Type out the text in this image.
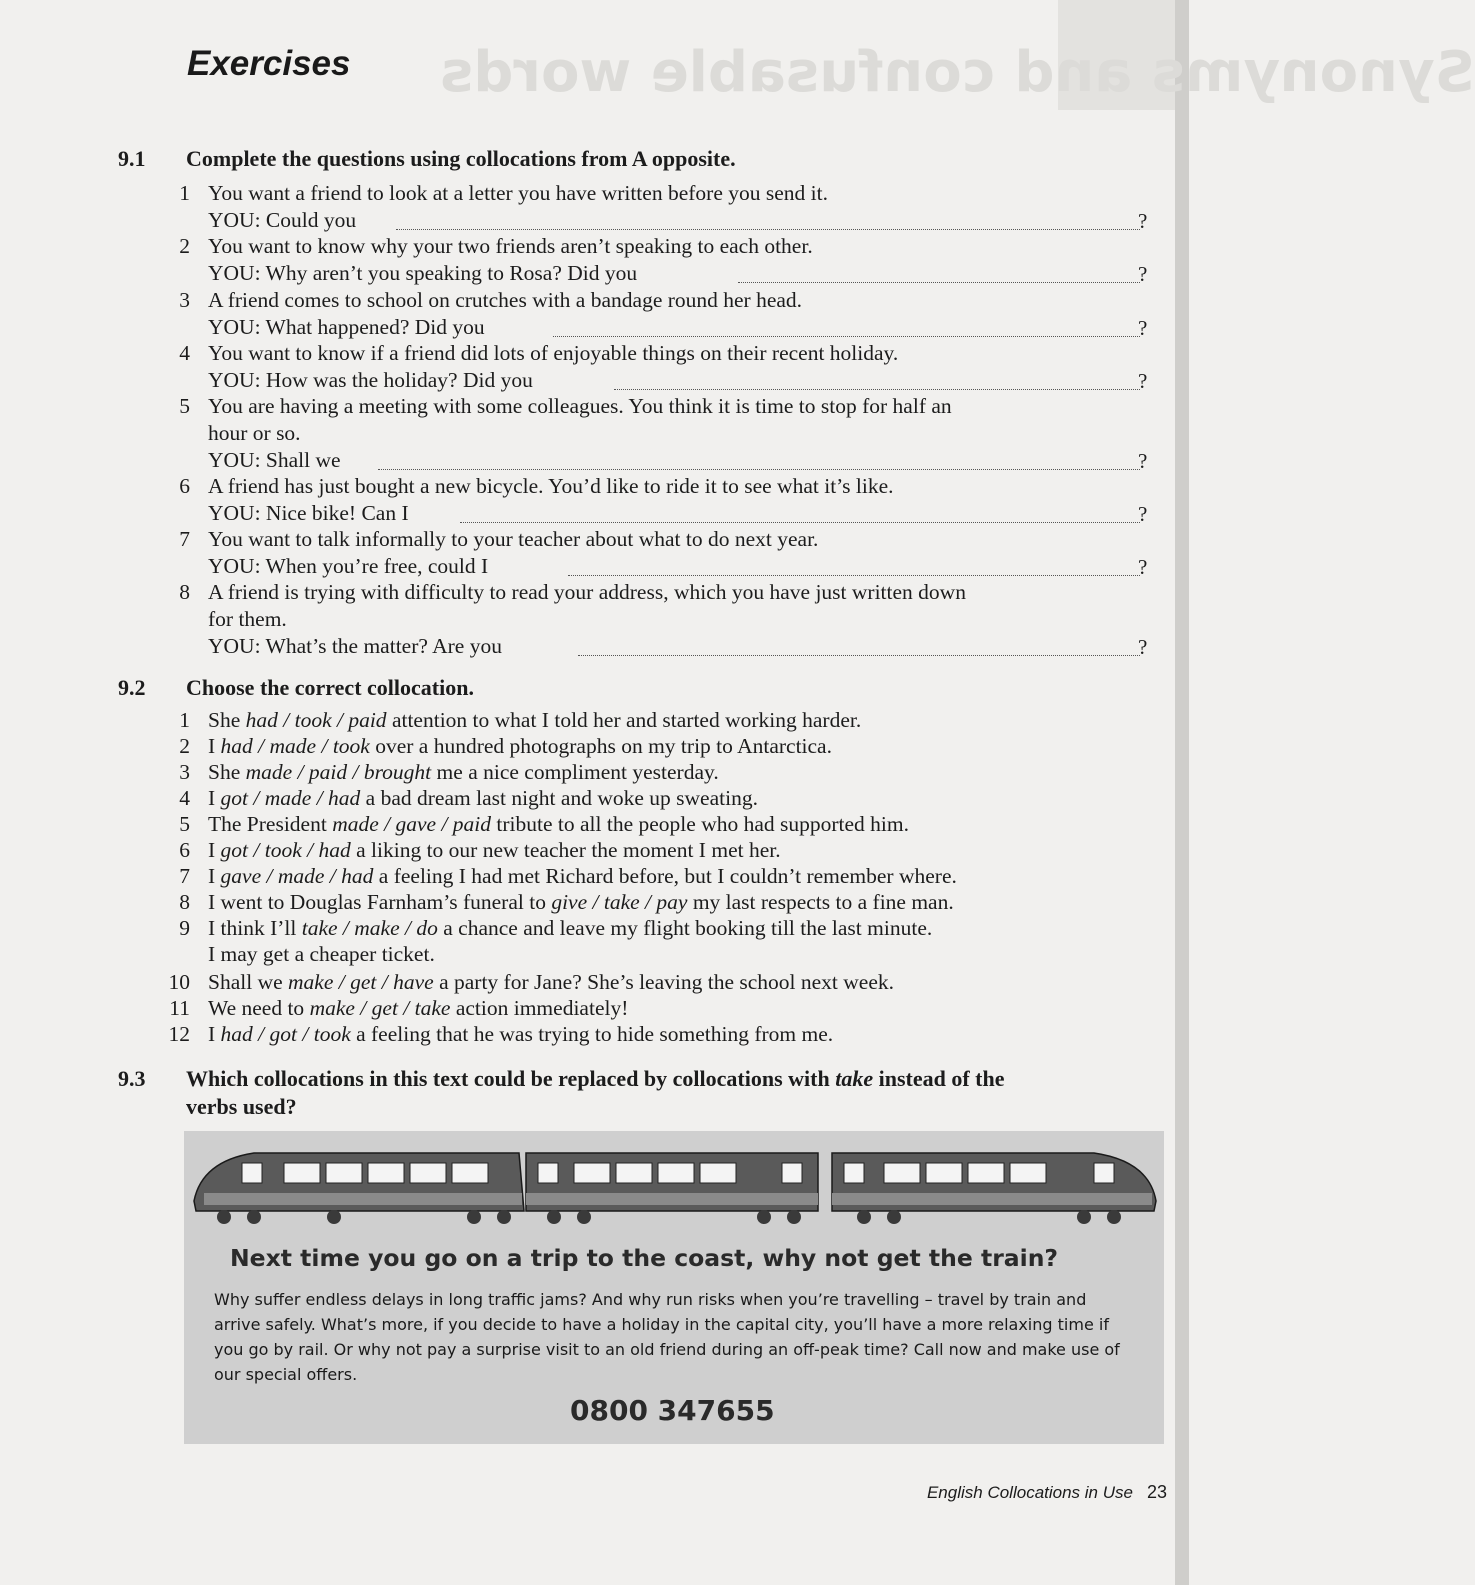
Synonyms and confusable words
Exercises
9.1 Complete the questions using collocations from A opposite.
1 You want a friend to look at a letter you have written before you send it.
YOU: Could you	?
2 You want to know why your two friends aren’t speaking to each other.
YOU: Why aren’t you speaking to Rosa? Did you	?
3 A friend comes to school on crutches with a bandage round her head.
YOU: What happened? Did you	?
4 You want to know if a friend did lots of enjoyable things on their recent holiday.
YOU: How was the holiday? Did you	?
5 You are having a meeting with some colleagues. You think it is time to stop for half an
hour or so.
YOU: Shall we	?
6 A friend has just bought a new bicycle. You’d like to ride it to see what it’s like.
YOU: Nice bike! Can I	?
7 You want to talk informally to your teacher about what to do next year.
YOU: When you’re free, could I	?
8 A friend is trying with difficulty to read your address, which you have just written down
for them.
YOU: What’s the matter? Are you	?
9.2 Choose the correct collocation.
1 She had / took / paid attention to what I told her and started working harder.
2 I had / made / took over a hundred photographs on my trip to Antarctica.
3 She made / paid / brought me a nice compliment yesterday.
4 I got / made / had a bad dream last night and woke up sweating.
5 The President made / gave / paid tribute to all the people who had supported him.
6 I got / took / had a liking to our new teacher the moment I met her.
7 I gave / made / had a feeling I had met Richard before, but I couldn’t remember where.
8 I went to Douglas Farnham’s funeral to give / take / pay my last respects to a fine man.
9 I think I’ll take / make / do a chance and leave my flight booking till the last minute.
I may get a cheaper ticket.
10 Shall we make / get / have a party for Jane? She’s leaving the school next week.
11 We need to make / get / take action immediately!
12 I had / got / took a feeling that he was trying to hide something from me.
9.3 Which collocations in this text could be replaced by collocations with take instead of the
verbs used?
Next time you go on a trip to the coast, why not get the train?
Why suffer endless delays in long traffic jams? And why run risks when you’re travelling – travel by train and arrive safely. What’s more, if you decide to have a holiday in the capital city, you’ll have a more relaxing time if you go by rail. Or why not pay a surprise visit to an old friend during an off-peak time? Call now and make use of our special offers.
0800 347655
English Collocations in Use 23
